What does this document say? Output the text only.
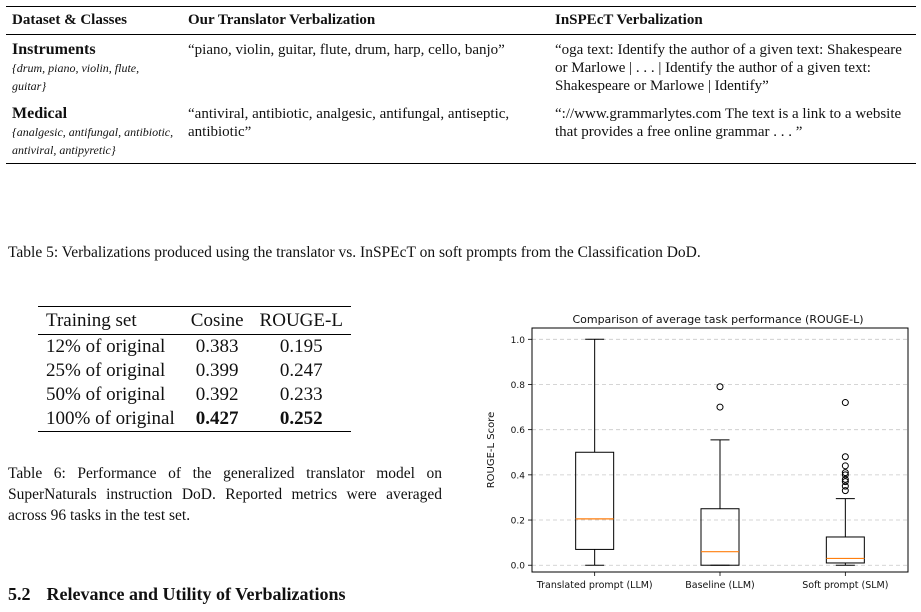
Dataset & Classes	Our Translator Verbalization	InSPEcT Verbalization

Instruments
{drum, piano, violin, flute, guitar}	“piano, violin, guitar, flute, drum, harp, cello, banjo”	“oga text: Identify the author of a given text: Shakespeare or Marlowe | . . . | Identify the author of a given text: Shakespeare or Marlowe | Identify”

Medical
{analgesic, antifungal, antibiotic, antiviral, antipyretic}	“antiviral, antibiotic, analgesic, antifungal, antiseptic, antibiotic”	“://www.grammarlytes.com The text is a link to a website that provides a free online grammar . . . ”
Table 5: Verbalizations produced using the translator vs. InSPEcT on soft prompts from the Classification DoD.
Training set	Cosine	ROUGE-L
12% of original	0.383	0.195
25% of original	0.399	0.247
50% of original	0.392	0.233
100% of original	0.427	0.252
Table 6: Performance of the generalized translator model on SuperNaturals instruction DoD. Reported metrics were averaged across 96 tasks in the test set.
5.2 Relevance and Utility of Verbalizations
Comparison of average task performance (ROUGE-L)
ROUGE-L Score
0.0
0.2
0.4
0.6
0.8
1.0
Translated prompt (LLM)	Baseline (LLM)	Soft prompt (SLM)
